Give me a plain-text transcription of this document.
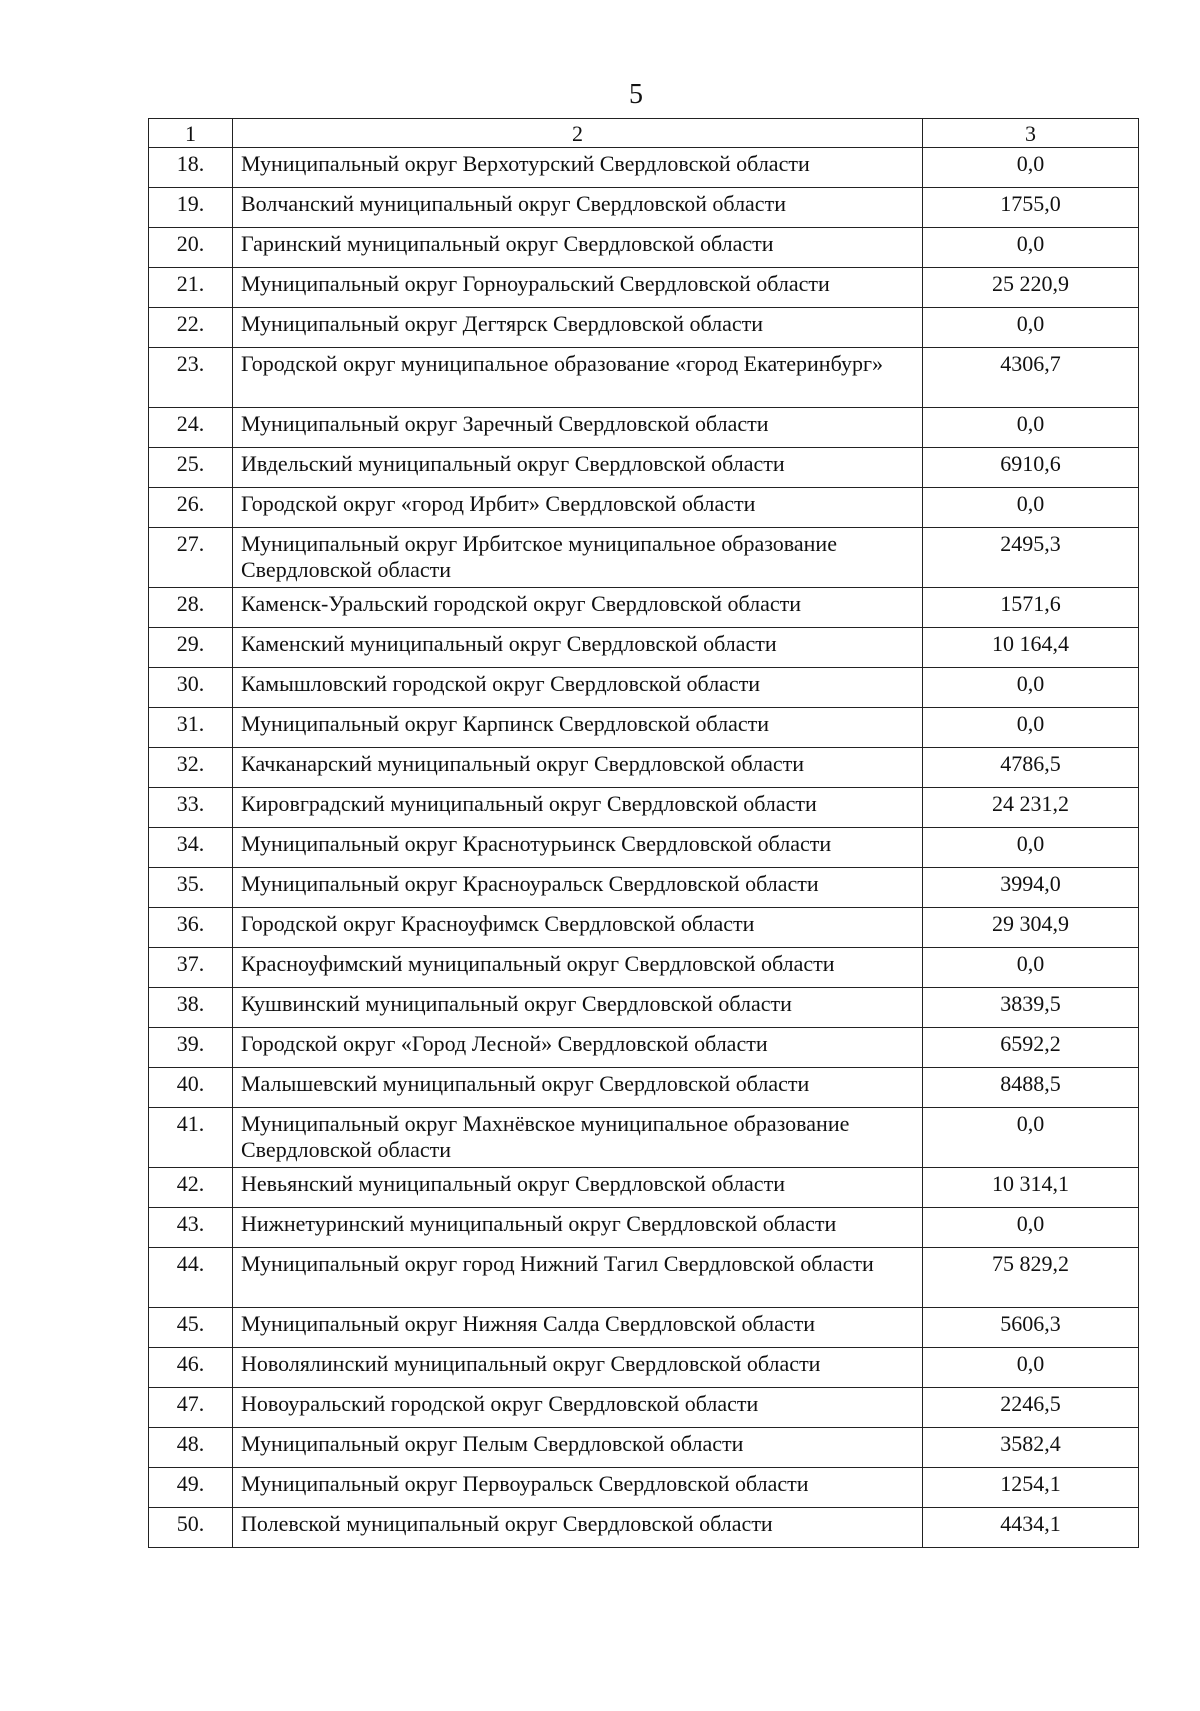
5
1	2	3
18.	Муниципальный округ Верхотурский Свердловской области	0,0
19.	Волчанский муниципальный округ Свердловской области	1755,0
20.	Гаринский муниципальный округ Свердловской области	0,0
21.	Муниципальный округ Горноуральский Свердловской области	25 220,9
22.	Муниципальный округ Дегтярск Свердловской области	0,0
23.	Городской округ муниципальное образование «город Екатеринбург»	4306,7
24.	Муниципальный округ Заречный Свердловской области	0,0
25.	Ивдельский муниципальный округ Свердловской области	6910,6
26.	Городской округ «город Ирбит» Свердловской области	0,0
27.	Муниципальный округ Ирбитское муниципальное образование Свердловской области	2495,3
28.	Каменск-Уральский городской округ Свердловской области	1571,6
29.	Каменский муниципальный округ Свердловской области	10 164,4
30.	Камышловский городской округ Свердловской области	0,0
31.	Муниципальный округ Карпинск Свердловской области	0,0
32.	Качканарский муниципальный округ Свердловской области	4786,5
33.	Кировградский муниципальный округ Свердловской области	24 231,2
34.	Муниципальный округ Краснотурьинск Свердловской области	0,0
35.	Муниципальный округ Красноуральск Свердловской области	3994,0
36.	Городской округ Красноуфимск Свердловской области	29 304,9
37.	Красноуфимский муниципальный округ Свердловской области	0,0
38.	Кушвинский муниципальный округ Свердловской области	3839,5
39.	Городской округ «Город Лесной» Свердловской области	6592,2
40.	Малышевский муниципальный округ Свердловской области	8488,5
41.	Муниципальный округ Махнёвское муниципальное образование Свердловской области	0,0
42.	Невьянский муниципальный округ Свердловской области	10 314,1
43.	Нижнетуринский муниципальный округ Свердловской области	0,0
44.	Муниципальный округ город Нижний Тагил Свердловской области	75 829,2
45.	Муниципальный округ Нижняя Салда Свердловской области	5606,3
46.	Новолялинский муниципальный округ Свердловской области	0,0
47.	Новоуральский городской округ Свердловской области	2246,5
48.	Муниципальный округ Пелым Свердловской области	3582,4
49.	Муниципальный округ Первоуральск Свердловской области	1254,1
50.	Полевской муниципальный округ Свердловской области	4434,1
